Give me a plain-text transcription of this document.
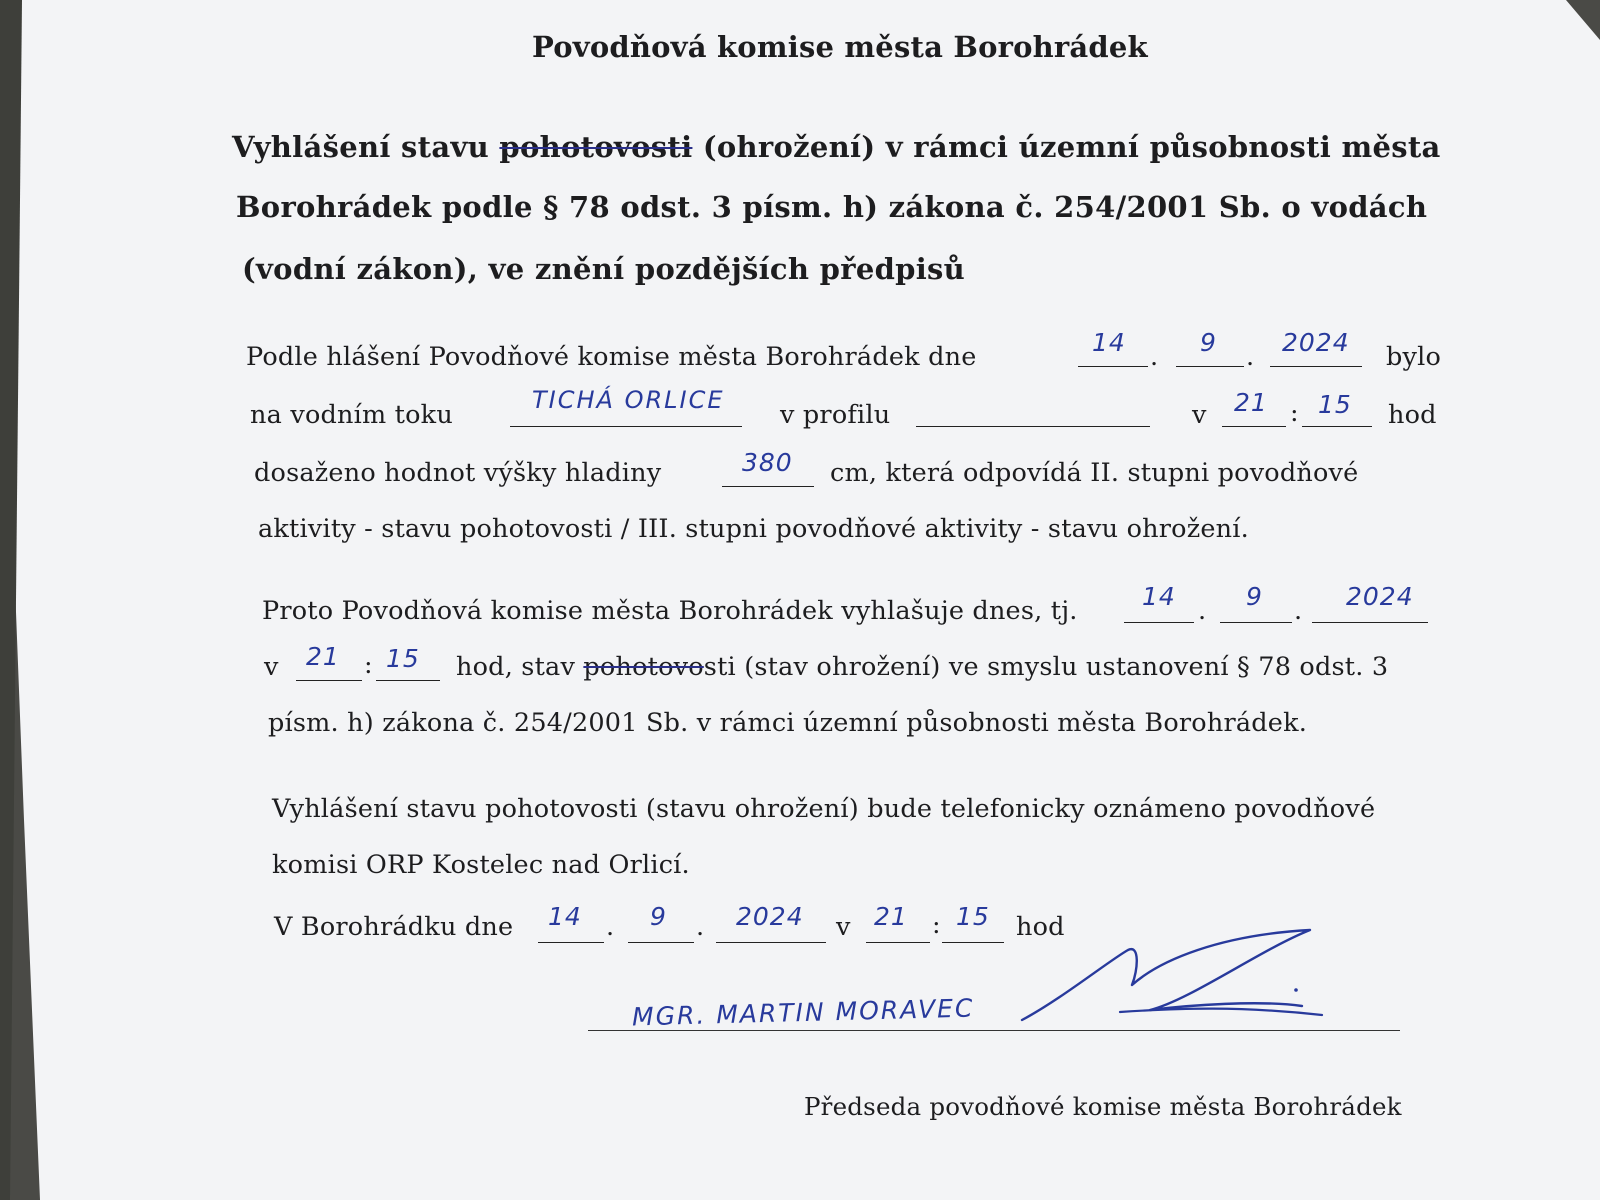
Povodňová komise města Borohrádek
Vyhlášení stavu pohotovosti (ohrožení) v rámci územní působnosti města
Borohrádek podle § 78 odst. 3 písm. h) zákona č. 254/2001 Sb. o vodách
(vodní zákon), ve znění pozdějších předpisů
Podle hlášení Povodňové komise města Borohrádek dne	.	.	bylo
14	9	2024
na vodním toku	TICHÁ ORLICE v profilu	v	:
21 15 hod
dosaženo hodnot výšky hladiny	380 cm, která odpovídá II. stupni povodňové
aktivity - stavu pohotovosti / III. stupni povodňové aktivity - stavu ohrožení.
Proto Povodňová komise města Borohrádek vyhlašuje dnes, tj.	.	.
14	9	2024
v	:
21 15 hod, stav pohotovosti (stav ohrožení) ve smyslu ustanovení § 78 odst. 3
písm. h) zákona č. 254/2001 Sb. v rámci územní působnosti města Borohrádek.
Vyhlášení stavu pohotovosti (stavu ohrožení) bude telefonicky oznámeno povodňové
komisi ORP Kostelec nad Orlicí.
V Borohrádku dne	.	.
14	9	2024 v	:
21 15 hod
MGR. MARTIN MORAVEC
Předseda povodňové komise města Borohrádek
